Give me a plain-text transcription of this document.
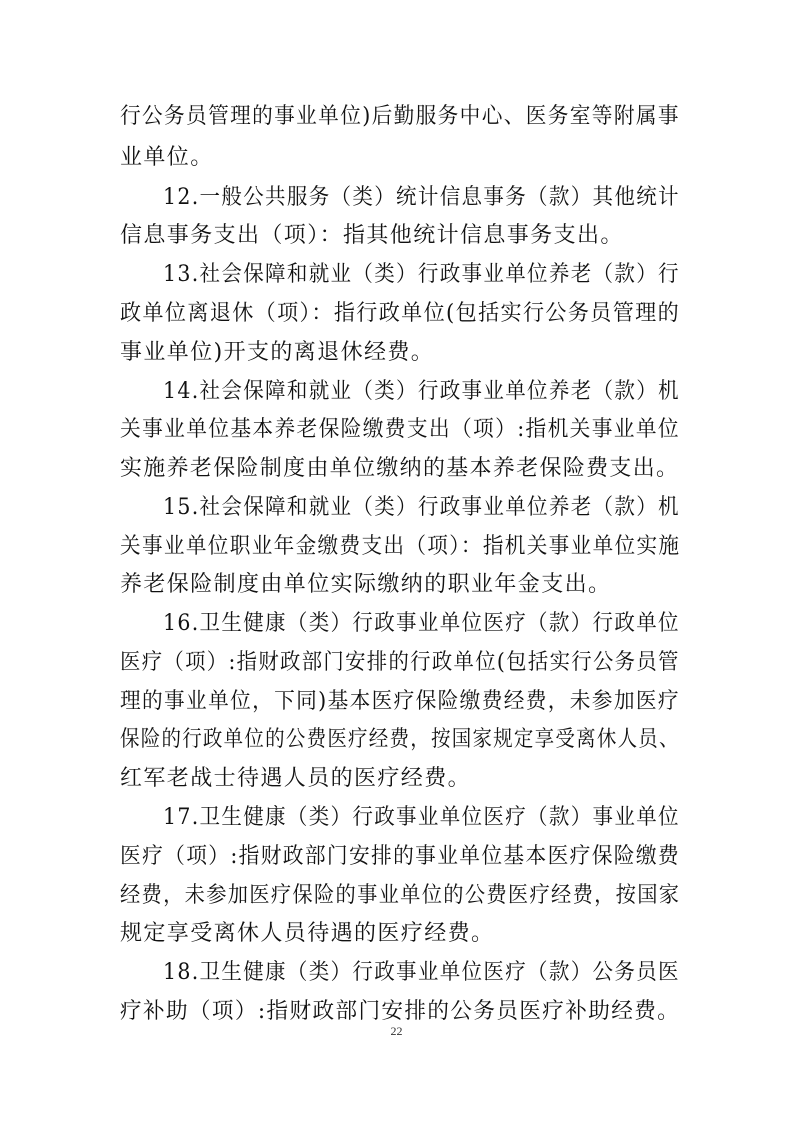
行公务员管理的事业单位)后勤服务中心、医务室等附属事
业单位。
12.一般公共服务（类）统计信息事务（款）其他统计
信息事务支出（项）：指其他统计信息事务支出。
13.社会保障和就业（类）行政事业单位养老（款）行
政单位离退休（项）：指行政单位(包括实行公务员管理的
事业单位)开支的离退休经费。
14.社会保障和就业（类）行政事业单位养老（款）机
关事业单位基本养老保险缴费支出（项）:指机关事业单位
实施养老保险制度由单位缴纳的基本养老保险费支出。
15.社会保障和就业（类）行政事业单位养老（款）机
关事业单位职业年金缴费支出（项）：指机关事业单位实施
养老保险制度由单位实际缴纳的职业年金支出。
16.卫生健康（类）行政事业单位医疗（款）行政单位
医疗（项）:指财政部门安排的行政单位(包括实行公务员管
理的事业单位，下同)基本医疗保险缴费经费，未参加医疗
保险的行政单位的公费医疗经费，按国家规定享受离休人员、
红军老战士待遇人员的医疗经费。
17.卫生健康（类）行政事业单位医疗（款）事业单位
医疗（项）:指财政部门安排的事业单位基本医疗保险缴费
经费，未参加医疗保险的事业单位的公费医疗经费，按国家
规定享受离休人员待遇的医疗经费。
18.卫生健康（类）行政事业单位医疗（款）公务员医
疗补助（项）:指财政部门安排的公务员医疗补助经费。
22
